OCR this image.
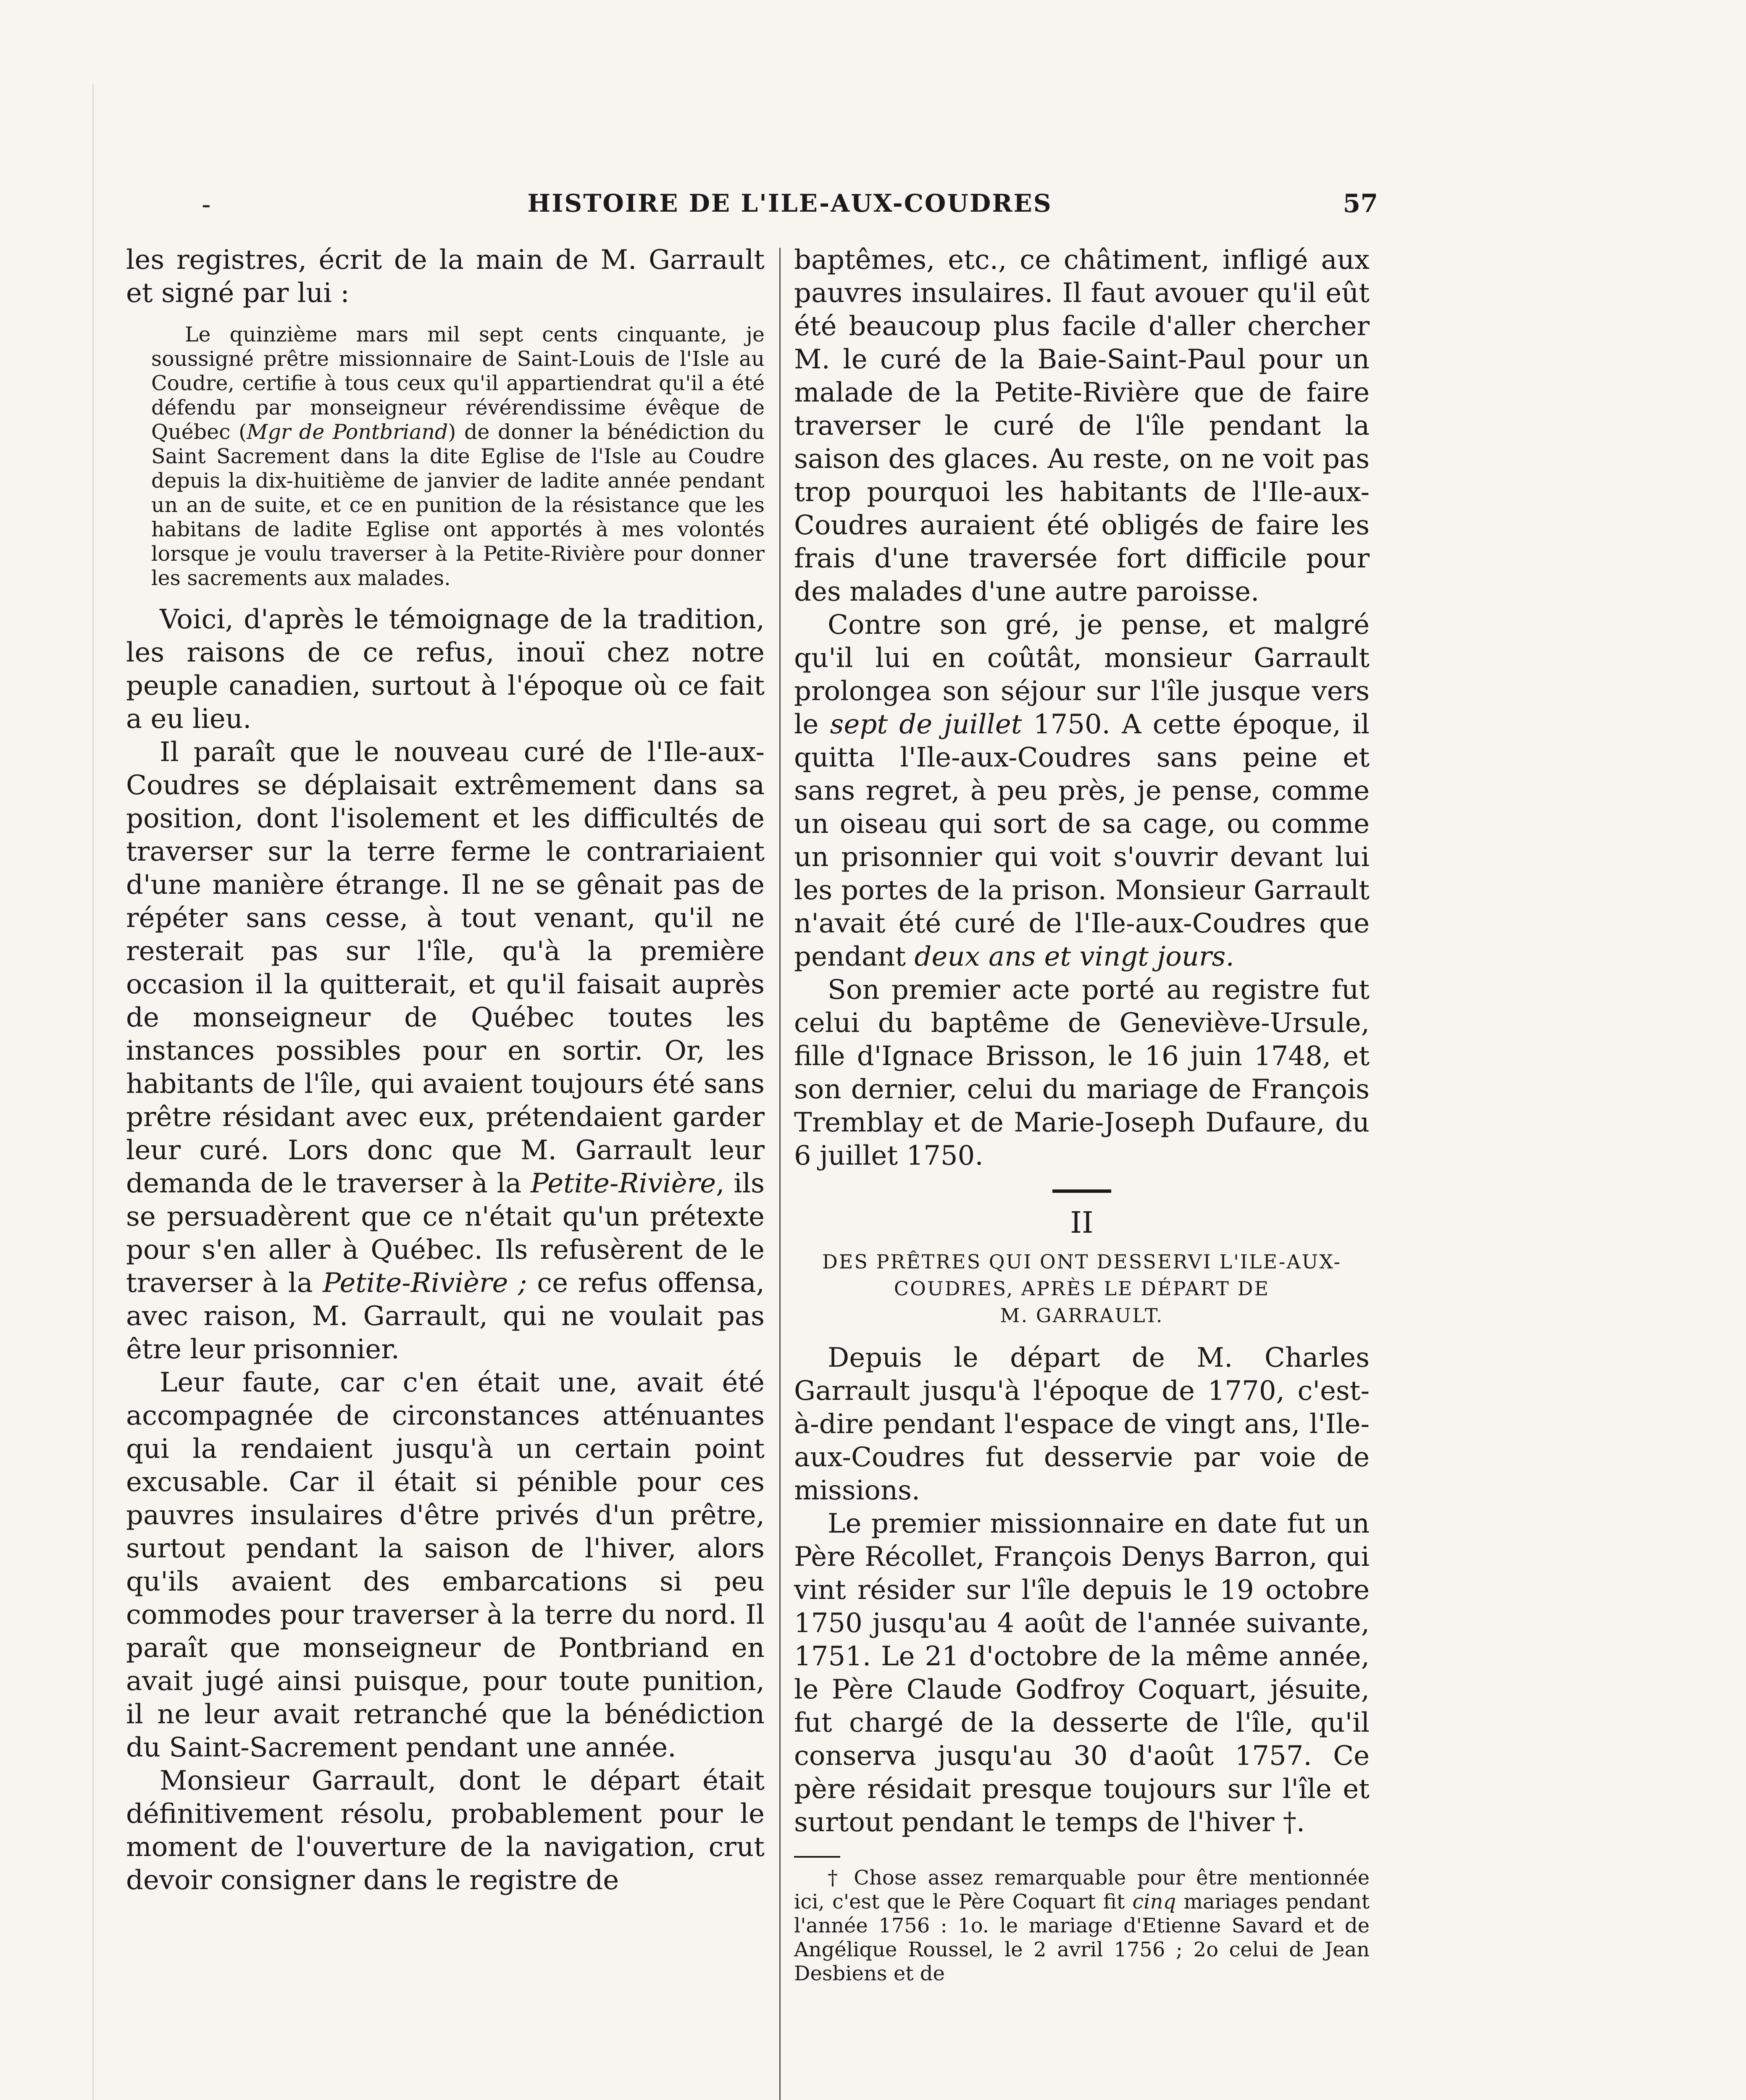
-	HISTOIRE DE L'ILE-AUX-COUDRES	57

les registres, écrit de la main de M. Garrault et signé par lui :

Le quinzième mars mil sept cents cinquante, je soussigné prêtre missionnaire de Saint-Louis de l'Isle au Coudre, certifie à tous ceux qu'il appartiendrat qu'il a été défendu par monseigneur révérendissime évêque de Québec (Mgr de Pontbriand) de donner la bénédiction du Saint Sacrement dans la dite Eglise de l'Isle au Coudre depuis la dix-huitième de janvier de ladite année pendant un an de suite, et ce en punition de la résistance que les habitans de ladite Eglise ont apportés à mes volontés lorsque je voulu traverser à la Petite-Rivière pour donner les sacrements aux malades.

Voici, d'après le témoignage de la tradition, les raisons de ce refus, inouï chez notre peuple canadien, surtout à l'époque où ce fait a eu lieu.

Il paraît que le nouveau curé de l'Ile-aux-Coudres se déplaisait extrêmement dans sa position, dont l'isolement et les difficultés de traverser sur la terre ferme le contrariaient d'une manière étrange. Il ne se gênait pas de répéter sans cesse, à tout venant, qu'il ne resterait pas sur l'île, qu'à la première occasion il la quitterait, et qu'il faisait auprès de monseigneur de Québec toutes les instances possibles pour en sortir. Or, les habitants de l'île, qui avaient toujours été sans prêtre résidant avec eux, prétendaient garder leur curé. Lors donc que M. Garrault leur demanda de le traverser à la Petite-Rivière, ils se persuadèrent que ce n'était qu'un prétexte pour s'en aller à Québec. Ils refusèrent de le traverser à la Petite-Rivière ; ce refus offensa, avec raison, M. Garrault, qui ne voulait pas être leur prisonnier.

Leur faute, car c'en était une, avait été accompagnée de circonstances atténuantes qui la rendaient jusqu'à un certain point excusable. Car il était si pénible pour ces pauvres insulaires d'être privés d'un prêtre, surtout pendant la saison de l'hiver, alors qu'ils avaient des embarcations si peu commodes pour traverser à la terre du nord. Il paraît que monseigneur de Pontbriand en avait jugé ainsi puisque, pour toute punition, il ne leur avait retranché que la bénédiction du Saint-Sacrement pendant une année.

Monsieur Garrault, dont le départ était définitivement résolu, probablement pour le moment de l'ouverture de la navigation, crut devoir consigner dans le registre de

baptêmes, etc., ce châtiment, infligé aux pauvres insulaires. Il faut avouer qu'il eût été beaucoup plus facile d'aller chercher M. le curé de la Baie-Saint-Paul pour un malade de la Petite-Rivière que de faire traverser le curé de l'île pendant la saison des glaces. Au reste, on ne voit pas trop pourquoi les habitants de l'Ile-aux-Coudres auraient été obligés de faire les frais d'une traversée fort difficile pour des malades d'une autre paroisse.

Contre son gré, je pense, et malgré qu'il lui en coûtât, monsieur Garrault prolongea son séjour sur l'île jusque vers le sept de juillet 1750. A cette époque, il quitta l'Ile-aux-Coudres sans peine et sans regret, à peu près, je pense, comme un oiseau qui sort de sa cage, ou comme un prisonnier qui voit s'ouvrir devant lui les portes de la prison. Monsieur Garrault n'avait été curé de l'Ile-aux-Coudres que pendant deux ans et vingt jours.

Son premier acte porté au registre fut celui du baptême de Geneviève-Ursule, fille d'Ignace Brisson, le 16 juin 1748, et son dernier, celui du mariage de François Tremblay et de Marie-Joseph Dufaure, du 6 juillet 1750.

II
DES PRÊTRES QUI ONT DESSERVI L'ILE-AUX-
COUDRES, APRÈS LE DÉPART DE
M. GARRAULT.

Depuis le départ de M. Charles Garrault jusqu'à l'époque de 1770, c'est-à-dire pendant l'espace de vingt ans, l'Ile-aux-Coudres fut desservie par voie de missions.

Le premier missionnaire en date fut un Père Récollet, François Denys Barron, qui vint résider sur l'île depuis le 19 octobre 1750 jusqu'au 4 août de l'année suivante, 1751. Le 21 d'octobre de la même année, le Père Claude Godfroy Coquart, jésuite, fut chargé de la desserte de l'île, qu'il conserva jusqu'au 30 d'août 1757. Ce père résidait presque toujours sur l'île et surtout pendant le temps de l'hiver †.

† Chose assez remarquable pour être mentionnée ici, c'est que le Père Coquart fit cinq mariages pendant l'année 1756 : 1o. le mariage d'Etienne Savard et de Angélique Roussel, le 2 avril 1756 ; 2o celui de Jean Desbiens et de
